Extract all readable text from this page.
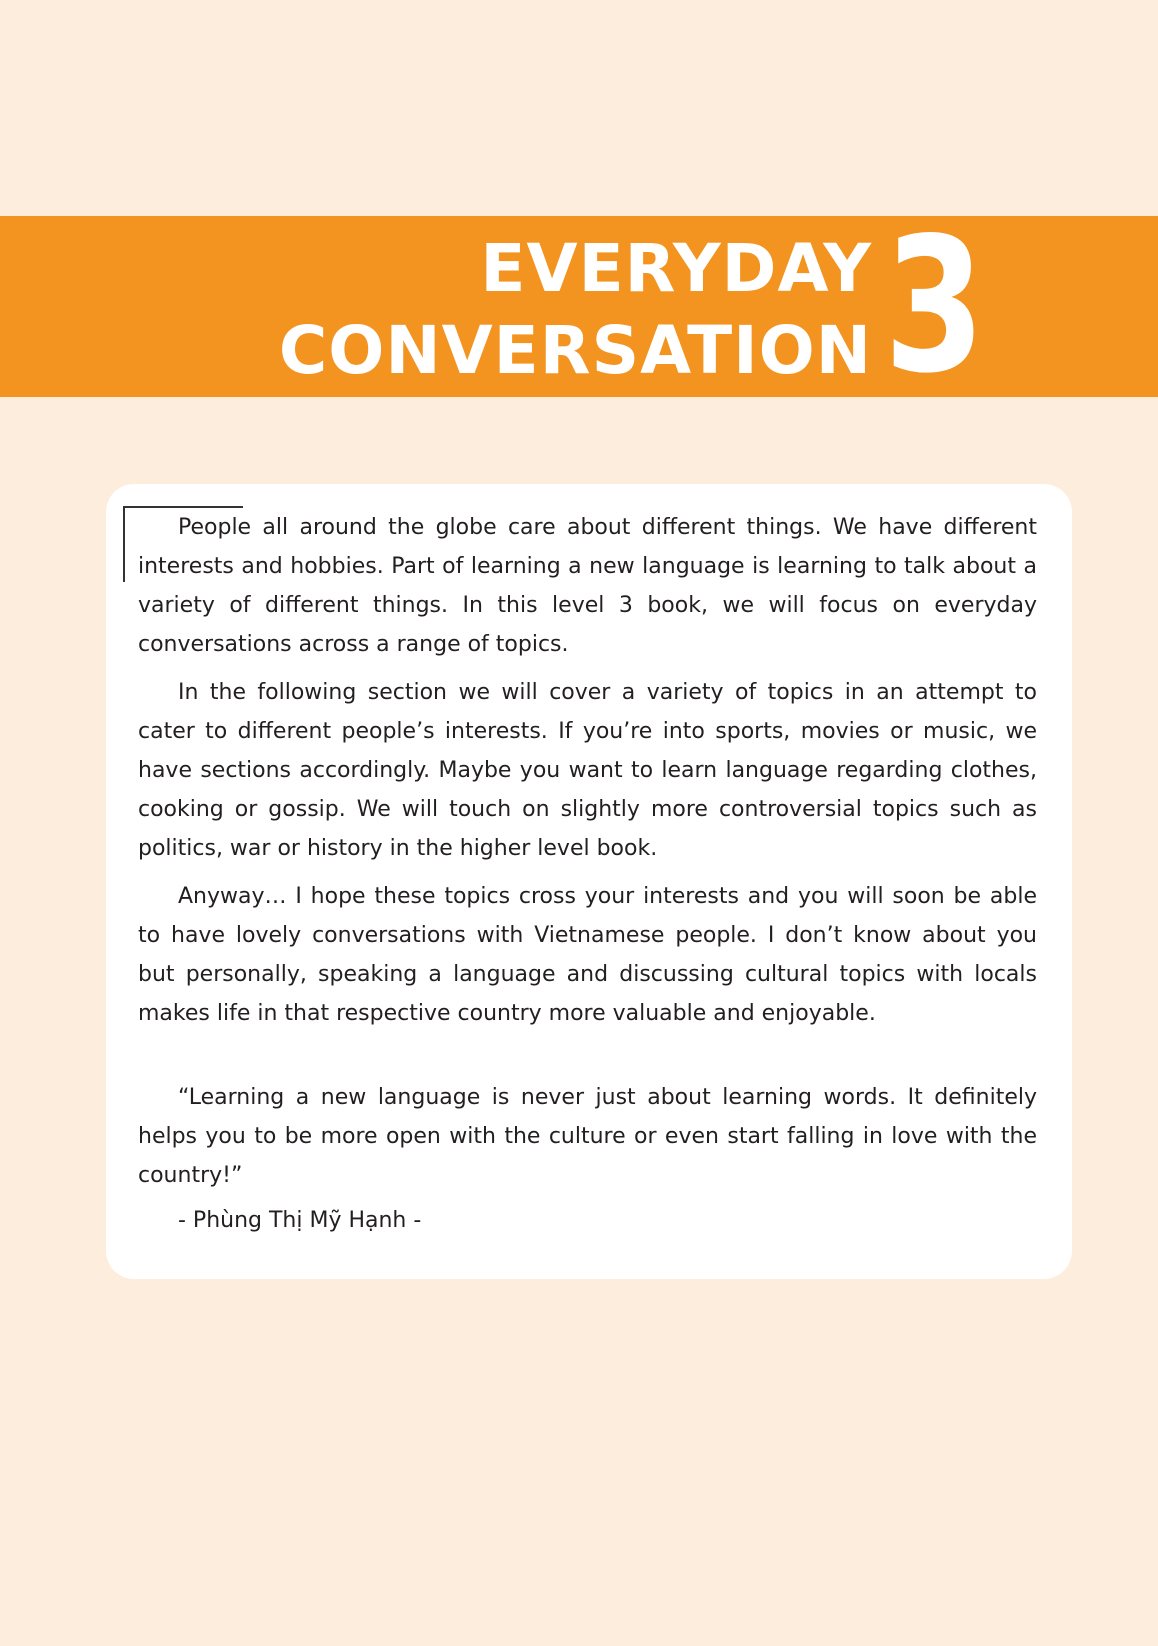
EVERYDAY
CONVERSATION 3

People all around the globe care about different things. We have different interests and hobbies. Part of learning a new language is learning to talk about a variety of different things. In this level 3 book, we will focus on everyday conversations across a range of topics.

In the following section we will cover a variety of topics in an attempt to cater to different people’s interests. If you’re into sports, movies or music, we have sections accordingly. Maybe you want to learn language regarding clothes, cooking or gossip. We will touch on slightly more controversial topics such as politics, war or history in the higher level book.

Anyway… I hope these topics cross your interests and you will soon be able to have lovely conversations with Vietnamese people. I don’t know about you but personally, speaking a language and discussing cultural topics with locals makes life in that respective country more valuable and enjoyable.

“Learning a new language is never just about learning words. It definitely helps you to be more open with the culture or even start falling in love with the country!”

- Phùng Thị Mỹ Hạnh -
